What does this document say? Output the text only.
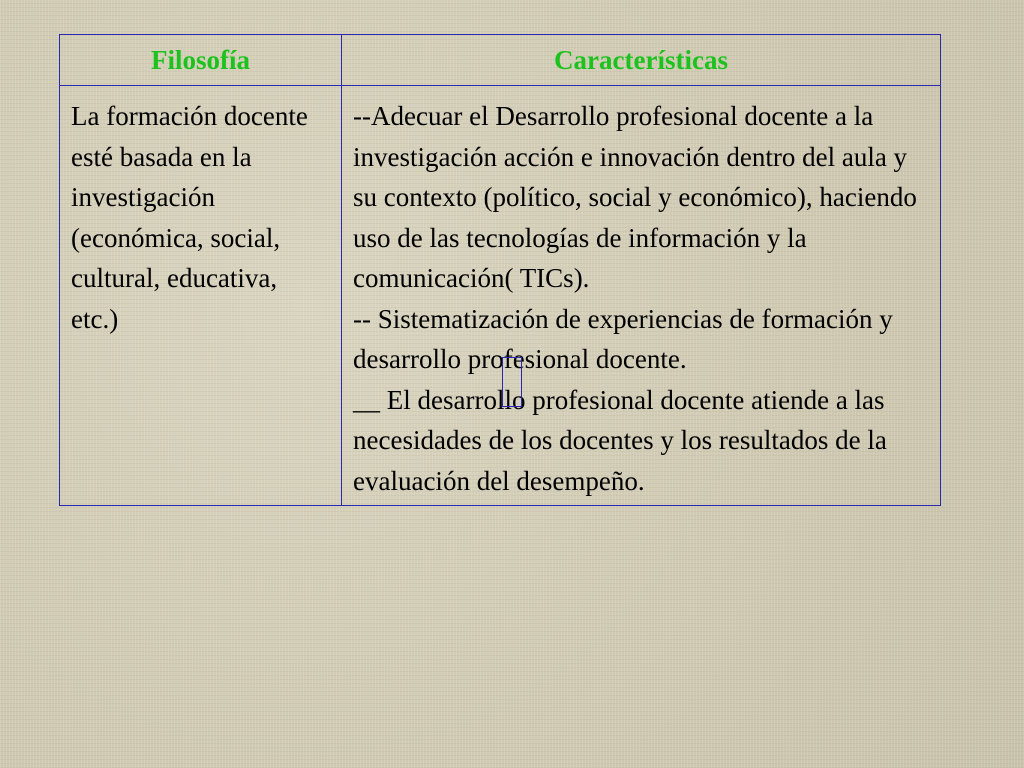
Filosofía	Características

La formación docente esté basada en la investigación (económica, social, cultural, educativa, etc.)	--Adecuar el Desarrollo profesional docente a la investigación acción e innovación dentro del aula y su contexto (político, social y económico), haciendo uso de las tecnologías de información y la comunicación( TICs).
-- Sistematización de experiencias de formación y desarrollo profesional docente.
__ El desarrollo profesional docente atiende a las necesidades de los docentes y los resultados de la evaluación del desempeño.
